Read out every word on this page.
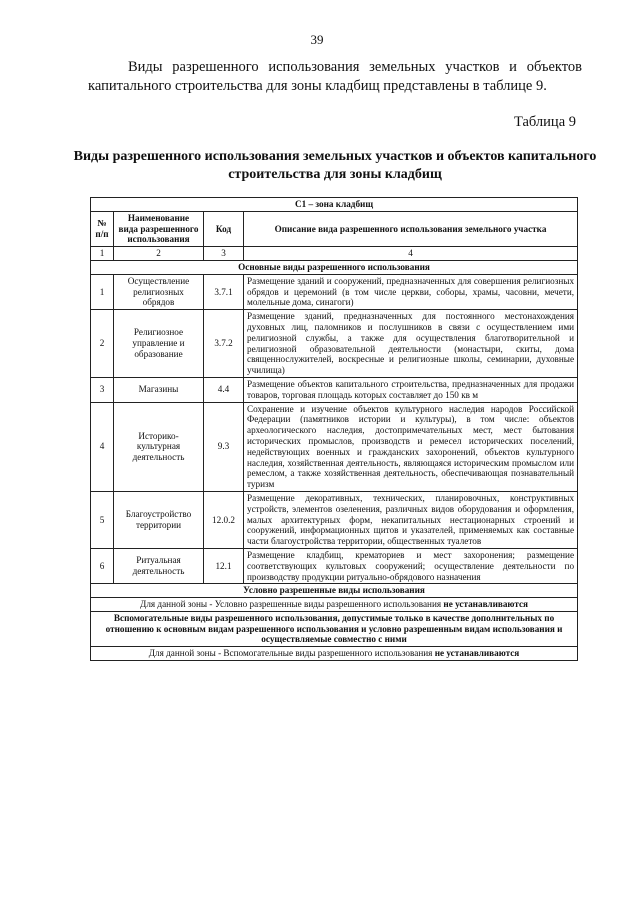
39
Виды разрешенного использования земельных участков и объектов капитального строительства для зоны кладбищ представлены в таблице 9.
Таблица 9
Виды разрешенного использования земельных участков и объектов капитального строительства для зоны кладбищ
С1 – зона кладбищ			
№ п/п	Наименование вида разрешенного использования	Код	Описание вида разрешенного использования земельного участка
1	2	3	4
Основные виды разрешенного использования			
1	Осуществление религиозных обрядов	3.7.1	Размещение зданий и сооружений, предназначенных для совершения религиозных обрядов и церемоний (в том числе церкви, соборы, храмы, часовни, мечети, молельные дома, синагоги)
2	Религиозное управление и образование	3.7.2	Размещение зданий, предназначенных для постоянного местонахождения духовных лиц, паломников и послушников в связи с осуществлением ими религиозной службы, а также для осуществления благотворительной и религиозной образовательной деятельности (монастыри, скиты, дома священнослужителей, воскресные и религиозные школы, семинарии, духовные училища)
3	Магазины	4.4	Размещение объектов капитального строительства, предназначенных для продажи товаров, торговая площадь которых составляет до 150 кв м
4	Историко-культурная деятельность	9.3	Сохранение и изучение объектов культурного наследия народов Российской Федерации (памятников истории и культуры), в том числе: объектов археологического наследия, достопримечательных мест, мест бытования исторических промыслов, производств и ремесел исторических поселений, недействующих военных и гражданских захоронений, объектов культурного наследия, хозяйственная деятельность, являющаяся историческим промыслом или ремеслом, а также хозяйственная деятельность, обеспечивающая познавательный туризм
5	Благоустройство территории	12.0.2	Размещение декоративных, технических, планировочных, конструктивных устройств, элементов озеленения, различных видов оборудования и оформления, малых архитектурных форм, некапитальных нестационарных строений и сооружений, информационных щитов и указателей, применяемых как составные части благоустройства территории, общественных туалетов
6	Ритуальная деятельность	12.1	Размещение кладбищ, крематориев и мест захоронения; размещение соответствующих культовых сооружений; осуществление деятельности по производству продукции ритуально-обрядового назначения
Условно разрешенные виды использования			
Для данной зоны - Условно разрешенные виды разрешенного использования не устанавливаются			
Вспомогательные виды разрешенного использования, допустимые только в качестве дополнительных по отношению к основным видам разрешенного использования и условно разрешенным видам использования и осуществляемые совместно с ними			
Для данной зоны - Вспомогательные виды разрешенного использования не устанавливаются			
